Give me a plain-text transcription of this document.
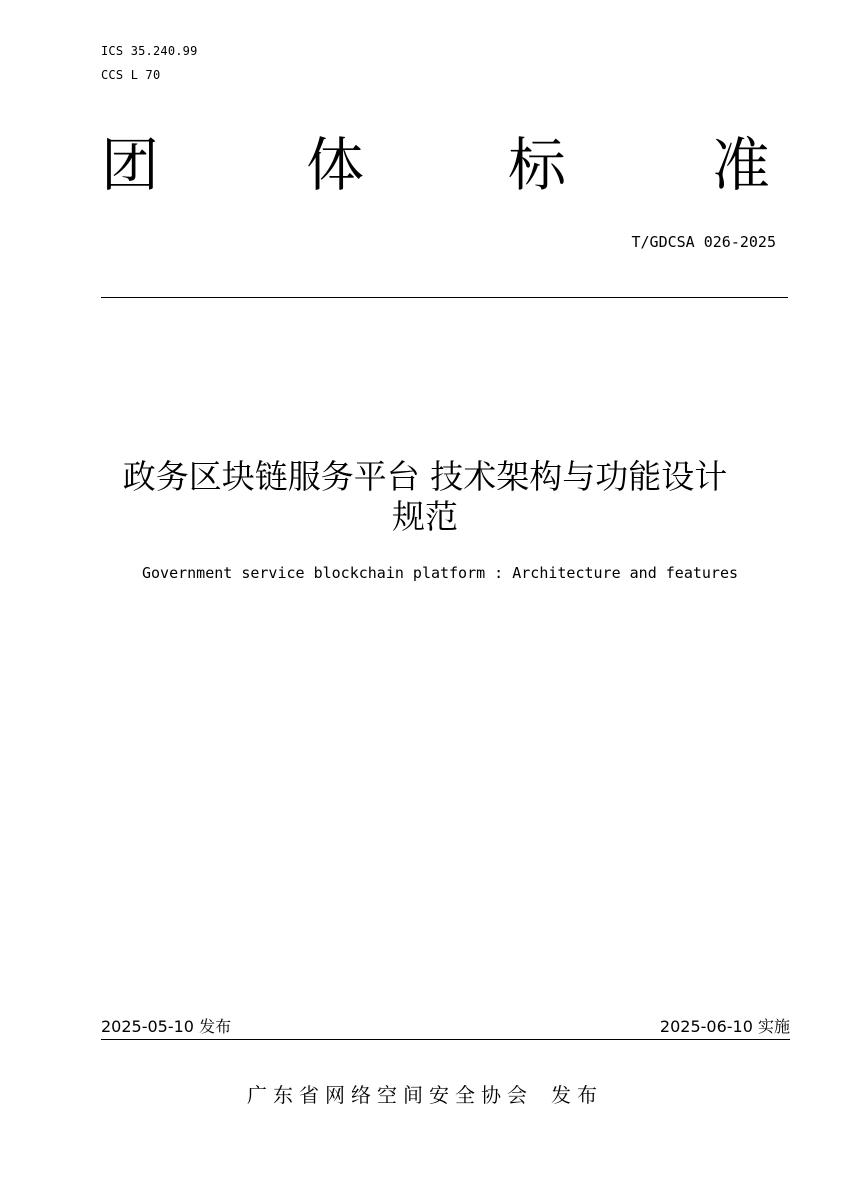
ICS 35.240.99
CCS L 70
团	体 标	准
T/GDCSA 026-2025
政务区块链服务平台 技术架构与功能设计
规范
Government service blockchain platform : Architecture and features
2025-05-10 发布	2025-06-10 实施
广东省网络空间安全协会 发布
